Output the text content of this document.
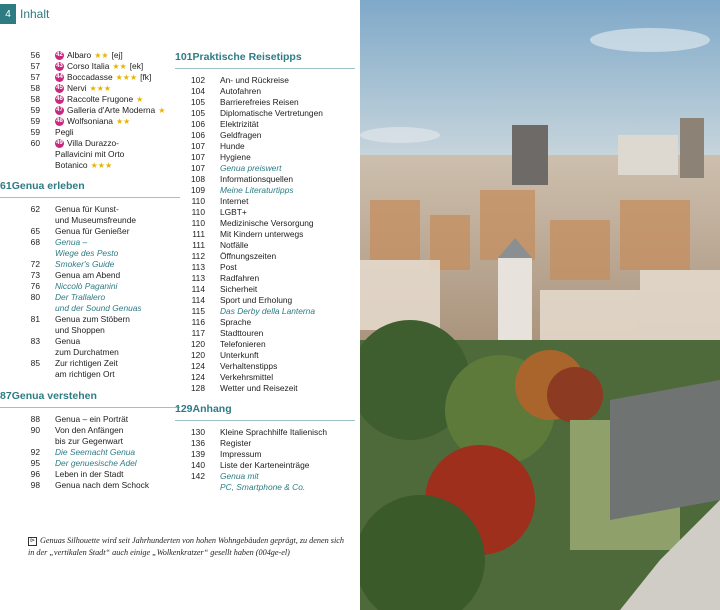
4 Inhalt
56	42 Albaro ★★ [ej]
57	43 Corso Italia ★★ [ek]
57	44 Boccadasse ★★★ [fk]
58	45 Nervi ★★★
58	46 Raccolte Frugone ★
59	47 Galleria d'Arte Moderna ★
59	48 Wolfsoniana ★★
59	Pegli
60	49 Villa Durazzo-
Pallavicini mit Orto
Botanico ★★★
61 Genua erleben
62	Genua für Kunst-
und Museumsfreunde
65	Genua für Genießer
68	Genua –
Wiege des Pesto
72	Smoker's Guide
73	Genua am Abend
76	Niccolò Paganini
80	Der Trallalero
und der Sound Genuas
81	Genua zum Stöbern
und Shoppen
83	Genua
zum Durchatmen
85	Zur richtigen Zeit
am richtigen Ort
87 Genua verstehen
88	Genua – ein Porträt
90	Von den Anfängen
bis zur Gegenwart
92	Die Seemacht Genua
95	Der genuesische Adel
96	Leben in der Stadt
98	Genua nach dem Schock
101 Praktische Reisetipps
102	An- und Rückreise
104	Autofahren
105	Barrierefreies Reisen
105	Diplomatische Vertretungen
106	Elektrizität
106	Geldfragen
107	Hunde
107	Hygiene
107	Genua preiswert
108	Informationsquellen
109	Meine Literaturtipps
110	Internet
110	LGBT+
110	Medizinische Versorgung
111	Mit Kindern unterwegs
111	Notfälle
112	Öffnungszeiten
113	Post
113	Radfahren
114	Sicherheit
114	Sport und Erholung
115	Das Derby della Lanterna
116	Sprache
117	Stadttouren
120	Telefonieren
120	Unterkunft
124	Verhaltenstipps
124	Verkehrsmittel
128	Wetter und Reisezeit
129 Anhang
130	Kleine Sprachhilfe Italienisch
136	Register
139	Impressum
140	Liste der Karteneinträge
142	Genua mit
PC, Smartphone & Co.
⊳ Genuas Silhouette wird seit Jahrhunderten von hohen Wohngebäuden geprägt, zu denen sich in der „vertikalen Stadt“ auch einige „Wolkenkratzer“ gesellt haben (004ge-el)
